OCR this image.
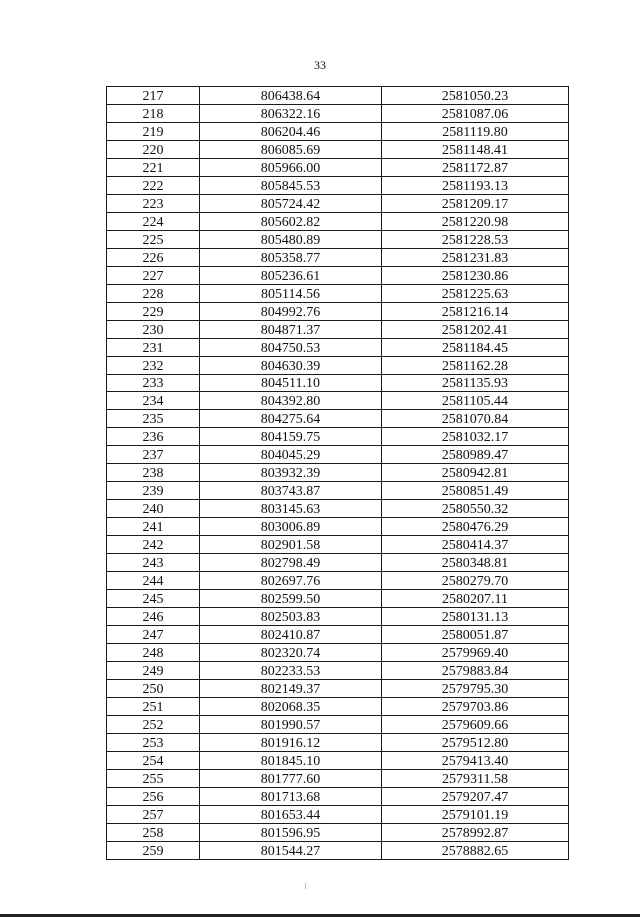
33
217	806438.64	2581050.23
218	806322.16	2581087.06
219	806204.46	2581119.80
220	806085.69	2581148.41
221	805966.00	2581172.87
222	805845.53	2581193.13
223	805724.42	2581209.17
224	805602.82	2581220.98
225	805480.89	2581228.53
226	805358.77	2581231.83
227	805236.61	2581230.86
228	805114.56	2581225.63
229	804992.76	2581216.14
230	804871.37	2581202.41
231	804750.53	2581184.45
232	804630.39	2581162.28
233	804511.10	2581135.93
234	804392.80	2581105.44
235	804275.64	2581070.84
236	804159.75	2581032.17
237	804045.29	2580989.47
238	803932.39	2580942.81
239	803743.87	2580851.49
240	803145.63	2580550.32
241	803006.89	2580476.29
242	802901.58	2580414.37
243	802798.49	2580348.81
244	802697.76	2580279.70
245	802599.50	2580207.11
246	802503.83	2580131.13
247	802410.87	2580051.87
248	802320.74	2579969.40
249	802233.53	2579883.84
250	802149.37	2579795.30
251	802068.35	2579703.86
252	801990.57	2579609.66
253	801916.12	2579512.80
254	801845.10	2579413.40
255	801777.60	2579311.58
256	801713.68	2579207.47
257	801653.44	2579101.19
258	801596.95	2578992.87
259	801544.27	2578882.65
